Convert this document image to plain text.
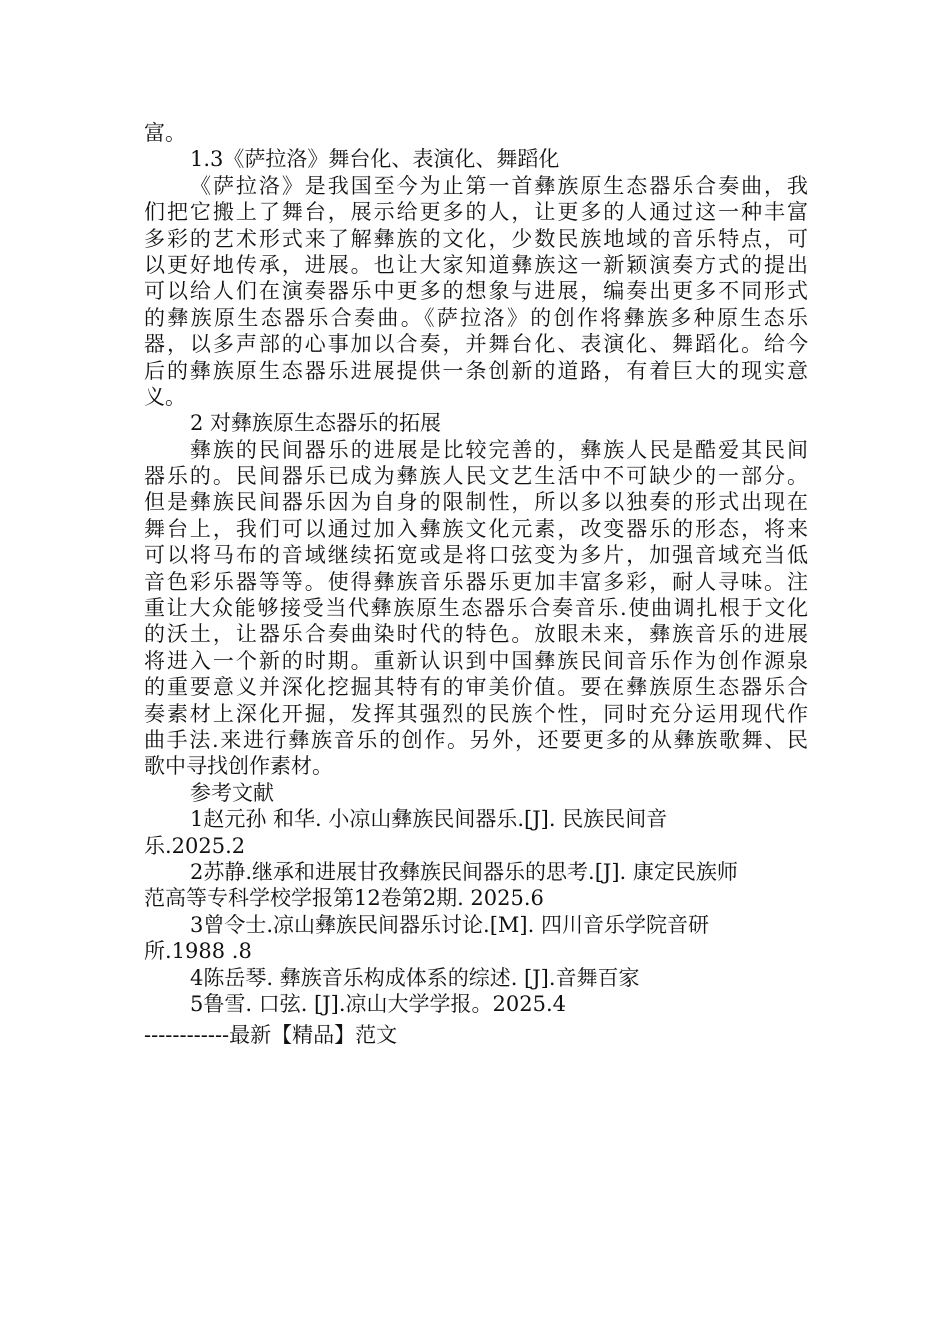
富。
1.3《萨拉洛》舞台化、表演化、舞蹈化
《萨拉洛》是我国至今为止第一首彝族原生态器乐合奏曲，我
们把它搬上了舞台，展示给更多的人，让更多的人通过这一种丰富
多彩的艺术形式来了解彝族的文化，少数民族地域的音乐特点，可
以更好地传承，进展。也让大家知道彝族这一新颖演奏方式的提出
可以给人们在演奏器乐中更多的想象与进展，编奏出更多不同形式
的彝族原生态器乐合奏曲。《萨拉洛》的创作将彝族多种原生态乐
器，以多声部的心事加以合奏，并舞台化、表演化、舞蹈化。给今
后的彝族原生态器乐进展提供一条创新的道路，有着巨大的现实意
义。
2 对彝族原生态器乐的拓展
彝族的民间器乐的进展是比较完善的，彝族人民是酷爱其民间
器乐的。民间器乐已成为彝族人民文艺生活中不可缺少的一部分。
但是彝族民间器乐因为自身的限制性，所以多以独奏的形式出现在
舞台上，我们可以通过加入彝族文化元素，改变器乐的形态，将来
可以将马布的音域继续拓宽或是将口弦变为多片，加强音域充当低
音色彩乐器等等。使得彝族音乐器乐更加丰富多彩，耐人寻味。注
重让大众能够接受当代彝族原生态器乐合奏音乐.使曲调扎根于文化
的沃土，让器乐合奏曲染时代的特色。放眼未来，彝族音乐的进展
将进入一个新的时期。重新认识到中国彝族民间音乐作为创作源泉
的重要意义并深化挖掘其特有的审美价值。要在彝族原生态器乐合
奏素材上深化开掘，发挥其强烈的民族个性，同时充分运用现代作
曲手法.来进行彝族音乐的创作。另外，还要更多的从彝族歌舞、民
歌中寻找创作素材。
参考文献
1赵元孙 和华. 小凉山彝族民间器乐.[J]. 民族民间音
乐.2025.2
2苏静.继承和进展甘孜彝族民间器乐的思考.[J]. 康定民族师
范高等专科学校学报第12卷第2期. 2025.6
3曾令士.凉山彝族民间器乐讨论.[M]. 四川音乐学院音研
所.1988 .8
4陈岳琴. 彝族音乐构成体系的综述. [J].音舞百家
5鲁雪. 口弦. [J].凉山大学学报。2025.4
------------最新【精品】范文
